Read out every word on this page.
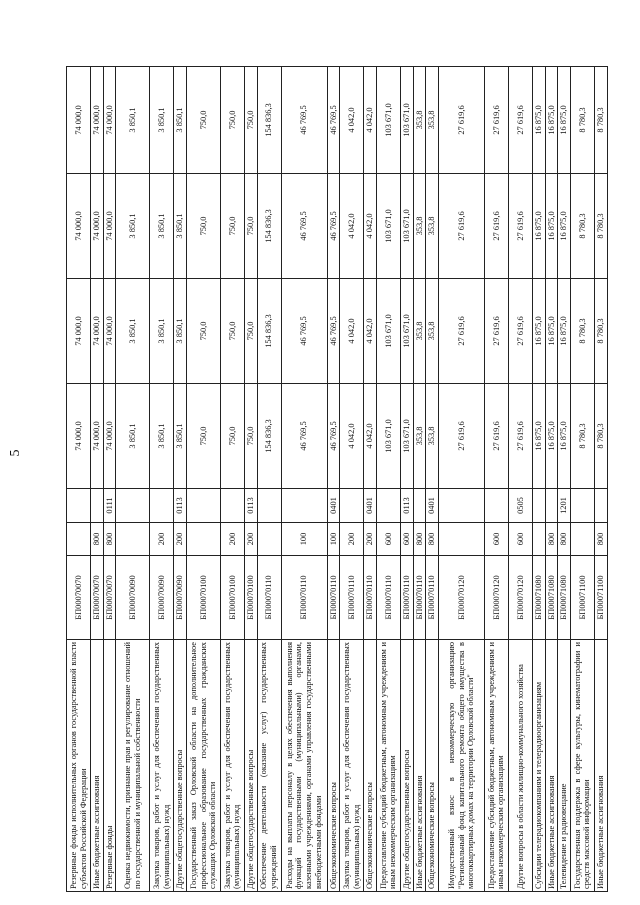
5
Резервные фонды исполнительных органов государственной власти субъектов Российской Федерации	БП00070070			74 000,0	74 000,0	74 000,0	74 000,0
Иные бюджетные ассигнования	БП00070070	800		74 000,0	74 000,0	74 000,0	74 000,0
Резервные фонды	БП00070070	800	0111	74 000,0	74 000,0	74 000,0	74 000,0
Оценка недвижимости, признание прав и регулирование отношений по государственной и муниципальной собственности	БП00070090			3 850,1	3 850,1	3 850,1	3 850,1
Закупка товаров, работ и услуг для обеспечения государственных (муниципальных) нужд	БП00070090	200		3 850,1	3 850,1	3 850,1	3 850,1
Другие общегосударственные вопросы	БП00070090	200	0113	3 850,1	3 850,1	3 850,1	3 850,1
Государственный заказ Орловской области на дополнительное профессиональное образование государственных гражданских служащих Орловской области	БП00070100			750,0	750,0	750,0	750,0
Закупка товаров, работ и услуг для обеспечения государственных (муниципальных) нужд	БП00070100	200		750,0	750,0	750,0	750,0
Другие общегосударственные вопросы	БП00070100	200	0113	750,0	750,0	750,0	750,0
Обеспечение деятельности (оказание услуг) государственных учреждений	БП00070110			154 836,3	154 836,3	154 836,3	154 836,3
Расходы на выплаты персоналу в целях обеспечения выполнения функций государственными (муниципальными) органами, казенными учреждениями, органами управления государственными внебюджетными фондами	БП00070110	100		46 769,5	46 769,5	46 769,5	46 769,5
Общеэкономические вопросы	БП00070110	100	0401	46 769,5	46 769,5	46 769,5	46 769,5
Закупка товаров, работ и услуг для обеспечения государственных (муниципальных) нужд	БП00070110	200		4 042,0	4 042,0	4 042,0	4 042,0
Общеэкономические вопросы	БП00070110	200	0401	4 042,0	4 042,0	4 042,0	4 042,0
Предоставление субсидий бюджетным, автономным учреждениям и иным некоммерческим организациям	БП00070110	600		103 671,0	103 671,0	103 671,0	103 671,0
Другие общегосударственные вопросы	БП00070110	600	0113	103 671,0	103 671,0	103 671,0	103 671,0
Иные бюджетные ассигнования	БП00070110	800		353,8	353,8	353,8	353,8
Общеэкономические вопросы	БП00070110	800	0401	353,8	353,8	353,8	353,8
Имущественный взнос в некоммерческую организацию "Региональный фонд капитального ремонта общего имущества в многоквартирных домах на территории Орловской области"	БП00070120			27 619,6	27 619,6	27 619,6	27 619,6
Предоставление субсидий бюджетным, автономным учреждениям и иным некоммерческим организациям	БП00070120	600		27 619,6	27 619,6	27 619,6	27 619,6
Другие вопросы в области жилищно-коммунального хозяйства	БП00070120	600	0505	27 619,6	27 619,6	27 619,6	27 619,6
Субсидии телерадиокомпаниям и телерадиоорганизациям	БП00071080			16 875,0	16 875,0	16 875,0	16 875,0
Иные бюджетные ассигнования	БП00071080	800		16 875,0	16 875,0	16 875,0	16 875,0
Телевидение и радиовещание	БП00071080	800	1201	16 875,0	16 875,0	16 875,0	16 875,0
Государственная поддержка в сфере культуры, кинематографии и средств массовой информации	БП00071100			8 780,3	8 780,3	8 780,3	8 780,3
Иные бюджетные ассигнования	БП00071100	800		8 780,3	8 780,3	8 780,3	8 780,3
